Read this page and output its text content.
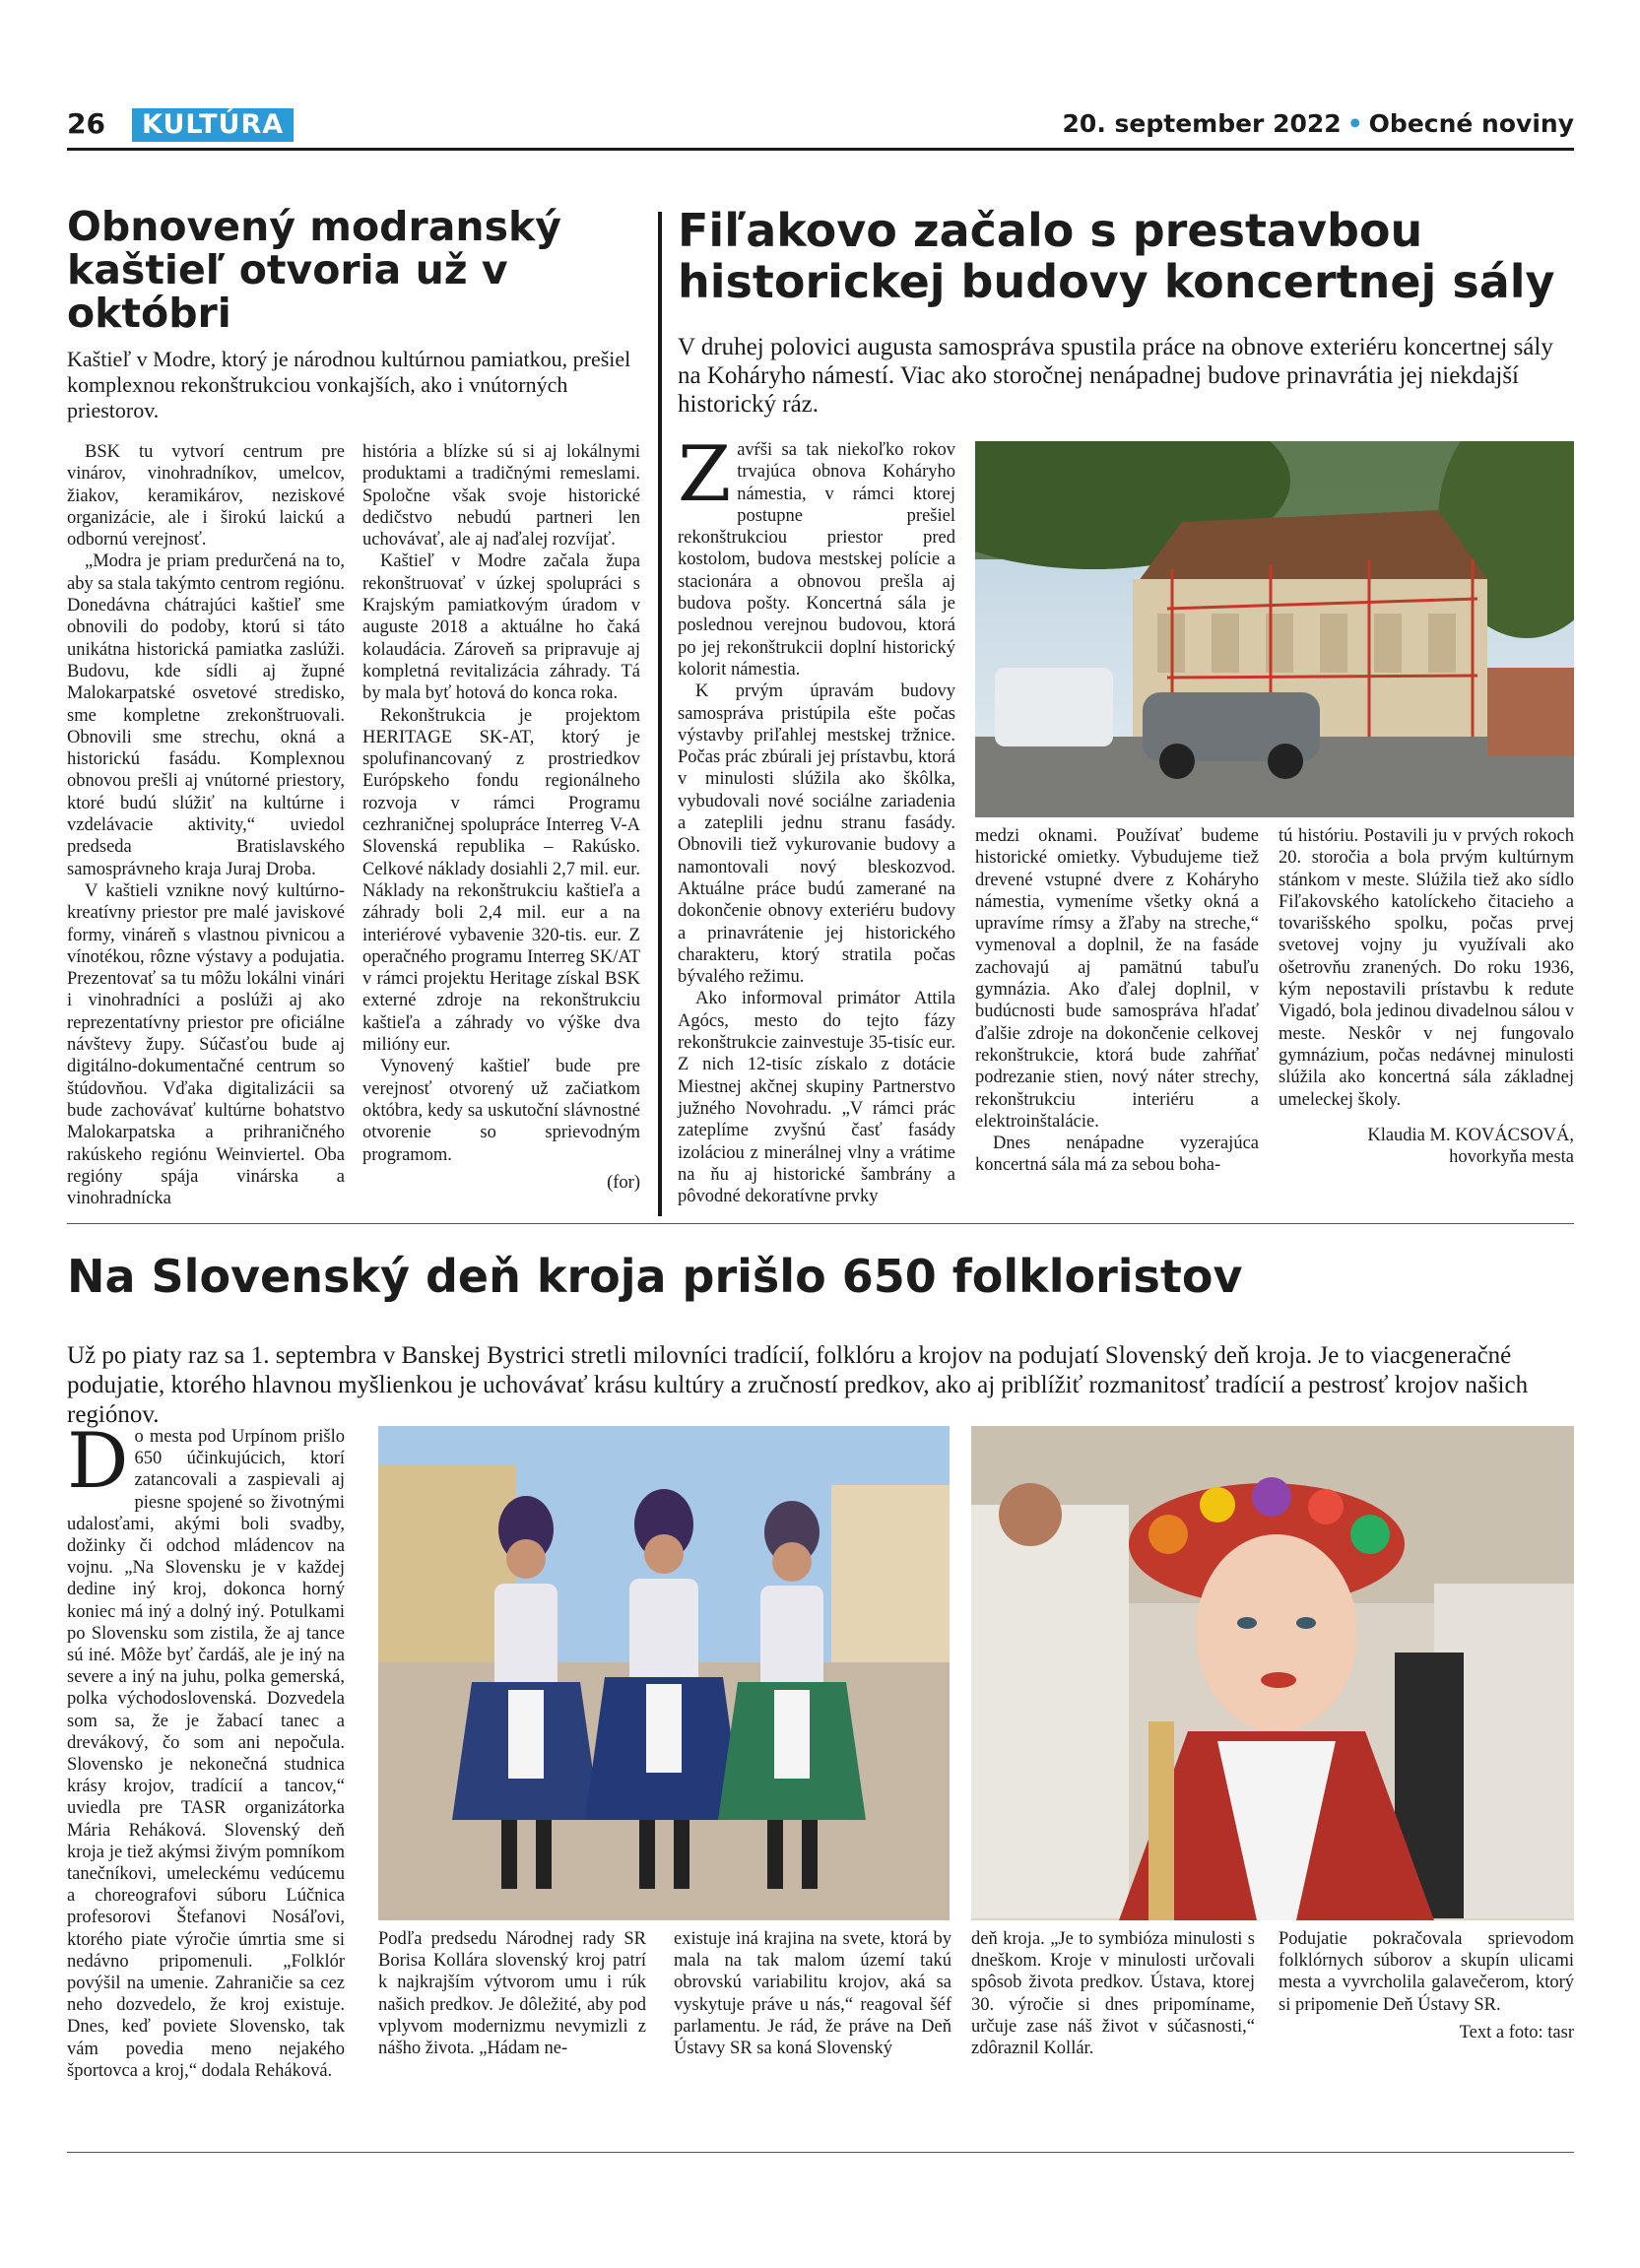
26	KULTÚRA	20. september 2022 • Obecné noviny
Obnovený modranský kaštieľ otvoria už v októbri
Kaštieľ v Modre, ktorý je národnou kultúrnou pamiatkou, prešiel komplexnou rekonštrukciou vonkajších, ako i vnútorných priestorov.

BSK tu vytvorí centrum pre vinárov, vinohradníkov, umelcov, žiakov, keramikárov, neziskové organizácie, ale i širokú laickú a odbornú verejnosť.

„Modra je priam predurčená na to, aby sa stala takýmto centrom regiónu. Donedávna chátrajúci kaštieľ sme obnovili do podoby, ktorú si táto unikátna historická pamiatka zaslúži. Budovu, kde sídli aj župné Malokarpatské osvetové stredisko, sme kompletne zrekonštruovali. Obnovili sme strechu, okná a historickú fasádu. Komplexnou obnovou prešli aj vnútorné priestory, ktoré budú slúžiť na kultúrne i vzdelávacie aktivity,“ uviedol predseda Bratislavského samosprávneho kraja Juraj Droba.

V kaštieli vznikne nový kultúrno-kreatívny priestor pre malé javiskové formy, vináreň s vlastnou pivnicou a vínotékou, rôzne výstavy a podujatia. Prezentovať sa tu môžu lokálni vinári i vinohradníci a poslúži aj ako reprezentatívny priestor pre oficiálne návštevy župy. Súčasťou bude aj digitálno-dokumentačné centrum so štúdovňou. Vďaka digitalizácii sa bude zachovávať kultúrne bohatstvo Malokarpatska a prihraničného rakúskeho regiónu Weinviertel. Oba regióny spája vinárska a vinohradnícka

história a blízke sú si aj lokálnymi produktami a tradičnými remeslami. Spoločne však svoje historické dedičstvo nebudú partneri len uchovávať, ale aj naďalej rozvíjať.

Kaštieľ v Modre začala župa rekonštruovať v úzkej spolupráci s Krajským pamiatkovým úradom v auguste 2018 a aktuálne ho čaká kolaudácia. Zároveň sa pripravuje aj kompletná revitalizácia záhrady. Tá by mala byť hotová do konca roka.

Rekonštrukcia je projektom HERITAGE SK-AT, ktorý je spolufinancovaný z prostriedkov Európskeho fondu regionálneho rozvoja v rámci Programu cezhraničnej spolupráce Interreg V-A Slovenská republika – Rakúsko. Celkové náklady dosiahli 2,7 mil. eur. Náklady na rekonštrukciu kaštieľa a záhrady boli 2,4 mil. eur a na interiérové vybavenie 320-tis. eur. Z operačného programu Interreg SK/AT v rámci projektu Heritage získal BSK externé zdroje na rekonštrukciu kaštieľa a záhrady vo výške dva milióny eur.

Vynovený kaštieľ bude pre verejnosť otvorený už začiatkom októbra, kedy sa uskutoční slávnostné otvorenie so sprievodným programom.

(for)

Fiľakovo začalo s prestavbou historickej budovy koncertnej sály
V druhej polovici augusta samospráva spustila práce na obnove exteriéru koncertnej sály na Koháryho námestí. Viac ako storočnej nenápadnej budove prinavrátia jej niekdajší historický ráz.

Zavŕši sa tak niekoľko rokov trvajúca obnova Koháryho námestia, v rámci ktorej postupne prešiel rekonštrukciou priestor pred kostolom, budova mestskej polície a stacionára a obnovou prešla aj budova pošty. Koncertná sála je poslednou verejnou budovou, ktorá po jej rekonštrukcii doplní historický kolorit námestia.

K prvým úpravám budovy samospráva pristúpila ešte počas výstavby priľahlej mestskej tržnice. Počas prác zbúrali jej prístavbu, ktorá v minulosti slúžila ako škôlka, vybudovali nové sociálne zariadenia a zateplili jednu stranu fasády. Obnovili tiež vykurovanie budovy a namontovali nový bleskozvod. Aktuálne práce budú zamerané na dokončenie obnovy exteriéru budovy a prinavrátenie jej historického charakteru, ktorý stratila počas bývalého režimu.

Ako informoval primátor Attila Agócs, mesto do tejto fázy rekonštrukcie zainvestuje 35-tisíc eur. Z nich 12-tisíc získalo z dotácie Miestnej akčnej skupiny Partnerstvo južného Novohradu. „V rámci prác zateplíme zvyšnú časť fasády izoláciou z minerálnej vlny a vrátime na ňu aj historické šambrány a pôvodné dekoratívne prvky

medzi oknami. Používať budeme historické omietky. Vybudujeme tiež drevené vstupné dvere z Koháryho námestia, vymeníme všetky okná a upravíme rímsy a žľaby na streche,“ vymenoval a doplnil, že na fasáde zachovajú aj pamätnú tabuľu gymnázia. Ako ďalej doplnil, v budúcnosti bude samospráva hľadať ďalšie zdroje na dokončenie celkovej rekonštrukcie, ktorá bude zahŕňať podrezanie stien, nový náter strechy, rekonštrukciu interiéru a elektroinštalácie.

Dnes nenápadne vyzerajúca koncertná sála má za sebou boha-

tú históriu. Postavili ju v prvých rokoch 20. storočia a bola prvým kultúrnym stánkom v meste. Slúžila tiež ako sídlo Fiľakovského katolíckeho čitacieho a tovarišského spolku, počas prvej svetovej vojny ju využívali ako ošetrovňu zranených. Do roku 1936, kým nepostavili prístavbu k redute Vigadó, bola jedinou divadelnou sálou v meste. Neskôr v nej fungovalo gymnázium, počas nedávnej minulosti slúžila ako koncertná sála základnej umeleckej školy.

Klaudia M. KOVÁCSOVÁ,
hovorkyňa mesta

Na Slovenský deň kroja prišlo 650 folkloristov
Už po piaty raz sa 1. septembra v Banskej Bystrici stretli milovníci tradícií, folklóru a krojov na podujatí Slovenský deň kroja. Je to viacgeneračné podujatie, ktorého hlavnou myšlienkou je uchovávať krásu kultúry a zručností predkov, ako aj priblížiť rozmanitosť tradícií a pestrosť krojov našich regiónov.

Do mesta pod Urpínom prišlo 650 účinkujúcich, ktorí zatancovali a zaspievali aj piesne spojené so životnými udalosťami, akými boli svadby, dožinky či odchod mládencov na vojnu. „Na Slovensku je v každej dedine iný kroj, dokonca horný koniec má iný a dolný iný. Potulkami po Slovensku som zistila, že aj tance sú iné. Môže byť čardáš, ale je iný na severe a iný na juhu, polka gemerská, polka východoslovenská. Dozvedela som sa, že je žabací tanec a drevákový, čo som ani nepočula. Slovensko je nekonečná studnica krásy krojov, tradícií a tancov,“ uviedla pre TASR organizátorka Mária Reháková. Slovenský deň kroja je tiež akýmsi živým pomníkom tanečníkovi, umeleckému vedúcemu a choreografovi súboru Lúčnica profesorovi Štefanovi Nosáľovi, ktorého piate výročie úmrtia sme si nedávno pripomenuli. „Folklór povýšil na umenie. Zahraničie sa cez neho dozvedelo, že kroj existuje. Dnes, keď poviete Slovensko, tak vám povedia meno nejakého športovca a kroj,“ dodala Reháková.

Podľa predsedu Národnej rady SR Borisa Kollára slovenský kroj patrí k najkrajším výtvorom umu i rúk našich predkov. Je dôležité, aby pod vplyvom modernizmu nevymizli z nášho života. „Hádam ne-

existuje iná krajina na svete, ktorá by mala na tak malom území takú obrovskú variabilitu krojov, aká sa vyskytuje práve u nás,“ reagoval šéf parlamentu. Je rád, že práve na Deň Ústavy SR sa koná Slovenský

deň kroja. „Je to symbióza minulosti s dneškom. Kroje v minulosti určovali spôsob života predkov. Ústava, ktorej 30. výročie si dnes pripomíname, určuje zase náš život v súčasnosti,“ zdôraznil Kollár.

Podujatie pokračovala sprievodom folklórnych súborov a skupín ulicami mesta a vyvrcholila galavečerom, ktorý si pripomenie Deň Ústavy SR.

Text a foto: tasr
